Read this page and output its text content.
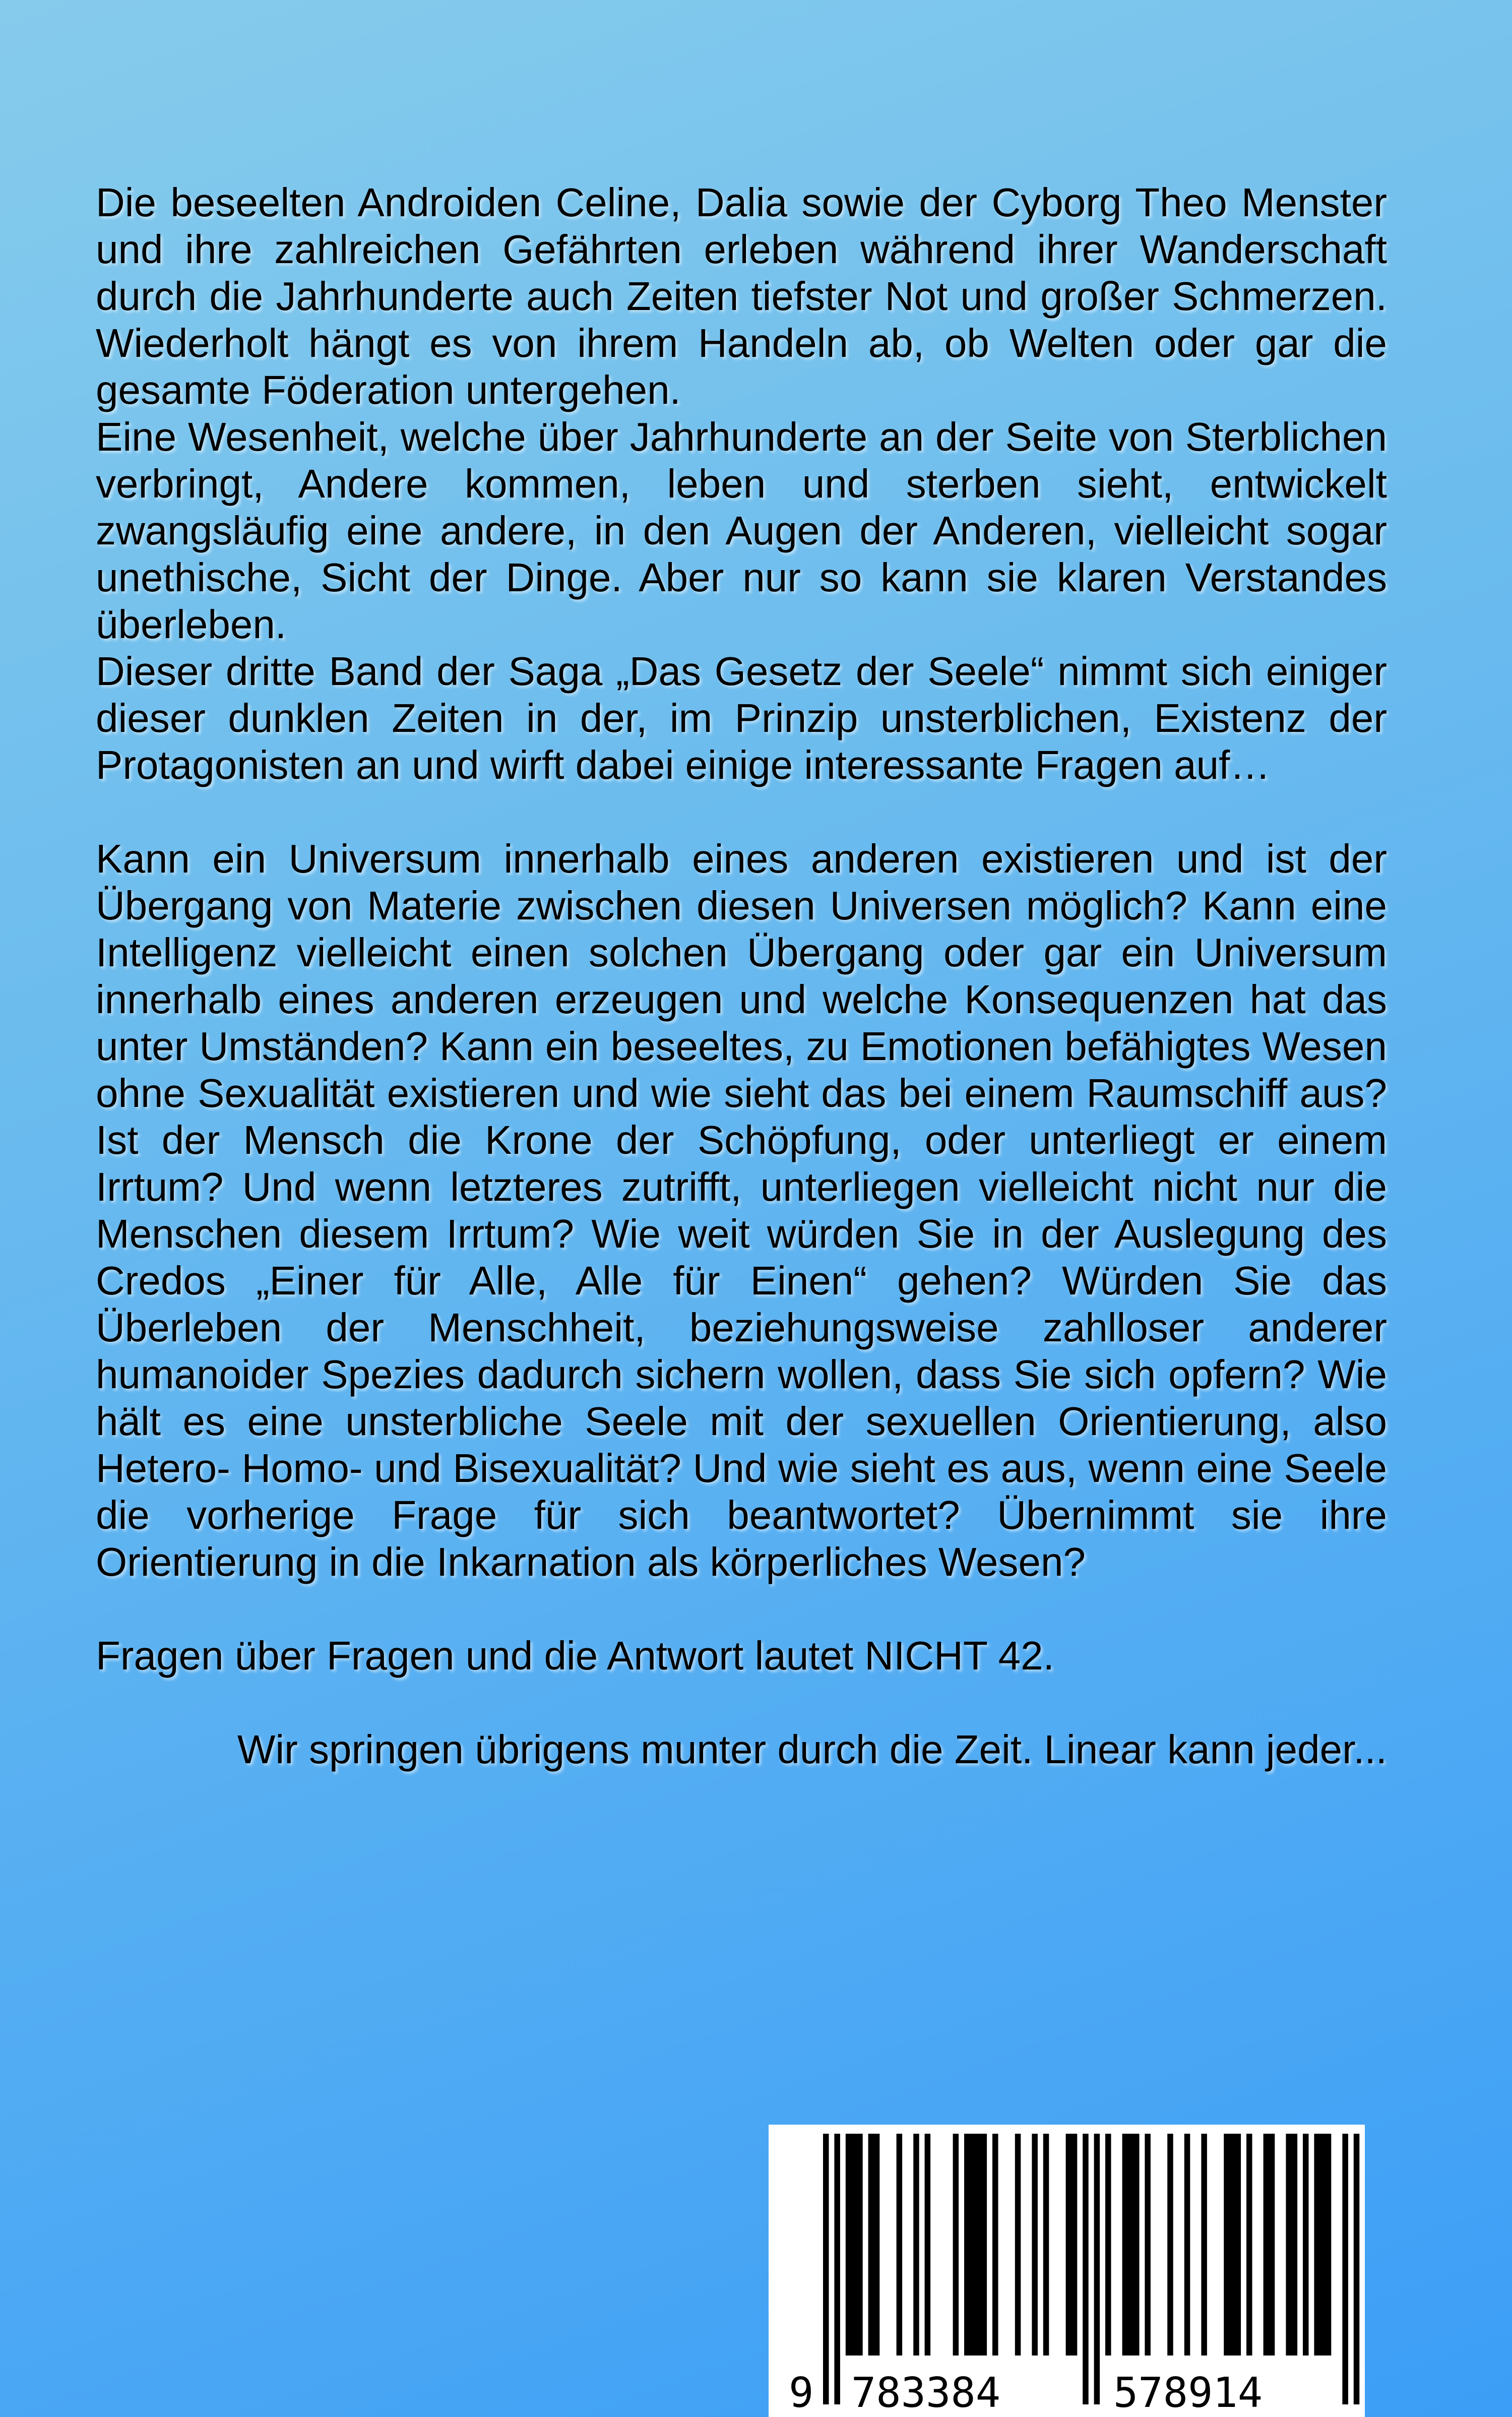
Die beseelten Androiden Celine, Dalia sowie der Cyborg Theo Menster und ihre zahlreichen Gefährten erleben während ihrer Wanderschaft durch die Jahrhunderte auch Zeiten tiefster Not und großer Schmerzen. Wiederholt hängt es von ihrem Handeln ab, ob Welten oder gar die gesamte Föderation untergehen.

Eine Wesenheit, welche über Jahrhunderte an der Seite von Sterblichen verbringt, Andere kommen, leben und sterben sieht, entwickelt zwangsläufig eine andere, in den Augen der Anderen, vielleicht sogar unethische, Sicht der Dinge. Aber nur so kann sie klaren Verstandes überleben.

Dieser dritte Band der Saga „Das Gesetz der Seele“ nimmt sich einiger dieser dunklen Zeiten in der, im Prinzip unsterblichen, Existenz der Protagonisten an und wirft dabei einige interessante Fragen auf…

Kann ein Universum innerhalb eines anderen existieren und ist der Übergang von Materie zwischen diesen Universen möglich? Kann eine Intelligenz vielleicht einen solchen Übergang oder gar ein Universum innerhalb eines anderen erzeugen und welche Konsequenzen hat das unter Umständen? Kann ein beseeltes, zu Emotionen befähigtes Wesen ohne Sexualität existieren und wie sieht das bei einem Raumschiff aus? Ist der Mensch die Krone der Schöpfung, oder unterliegt er einem Irrtum? Und wenn letzteres zutrifft, unterliegen vielleicht nicht nur die Menschen diesem Irrtum? Wie weit würden Sie in der Auslegung des Credos „Einer für Alle, Alle für Einen“ gehen? Würden Sie das Überleben der Menschheit, beziehungsweise zahlloser anderer humanoider Spezies dadurch sichern wollen, dass Sie sich opfern? Wie hält es eine unsterbliche Seele mit der sexuellen Orientierung, also Hetero- Homo- und Bisexualität? Und wie sieht es aus, wenn eine Seele die vorherige Frage für sich beantwortet? Übernimmt sie ihre Orientierung in die Inkarnation als körperliches Wesen?

Fragen über Fragen und die Antwort lautet NICHT 42.

Wir springen übrigens munter durch die Zeit. Linear kann jeder...

9 783384	578914
